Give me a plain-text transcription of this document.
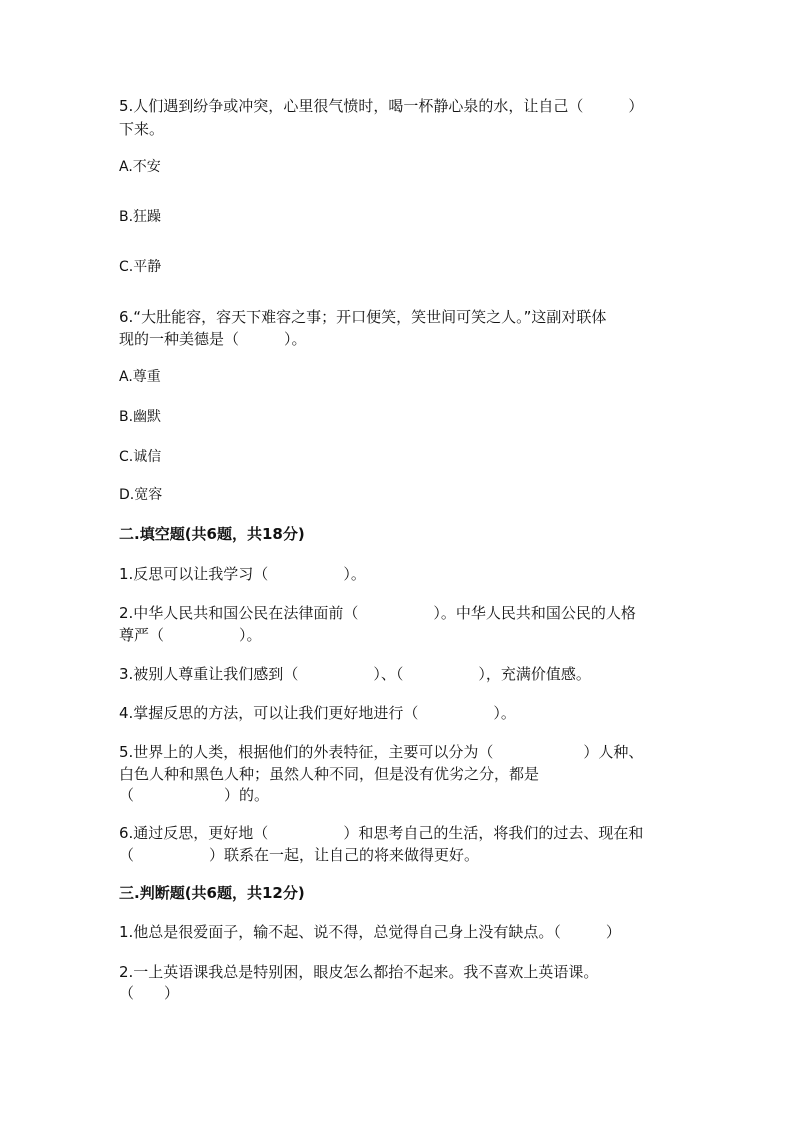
5.人们遇到纷争或冲突，心里很气愤时，喝一杯静心泉的水，让自己（　　　）

下来。

A.不安

B.狂躁

C.平静

6.“大肚能容，容天下难容之事；开口便笑，笑世间可笑之人。”这副对联体

现的一种美德是（　　　）。

A.尊重

B.幽默

C.诚信

D.宽容

二.填空题(共6题，共18分)

1.反思可以让我学习（　　　　　）。

2.中华人民共和国公民在法律面前（　　　　　）。中华人民共和国公民的人格

尊严（　　　　　）。

3.被别人尊重让我们感到（　　　　　）、（　　　　　），充满价值感。

4.掌握反思的方法，可以让我们更好地进行（　　　　　）。

5.世界上的人类，根据他们的外表特征，主要可以分为（　　　　　　）人种、

白色人种和黑色人种；虽然人种不同，但是没有优劣之分，都是

（　　　　　　）的。

6.通过反思，更好地（　　　　　）和思考自己的生活，将我们的过去、现在和

（　　　　　）联系在一起，让自己的将来做得更好。

三.判断题(共6题，共12分)

1.他总是很爱面子，输不起、说不得，总觉得自己身上没有缺点。（　　　）

2.一上英语课我总是特别困，眼皮怎么都抬不起来。我不喜欢上英语课。

（　　）
